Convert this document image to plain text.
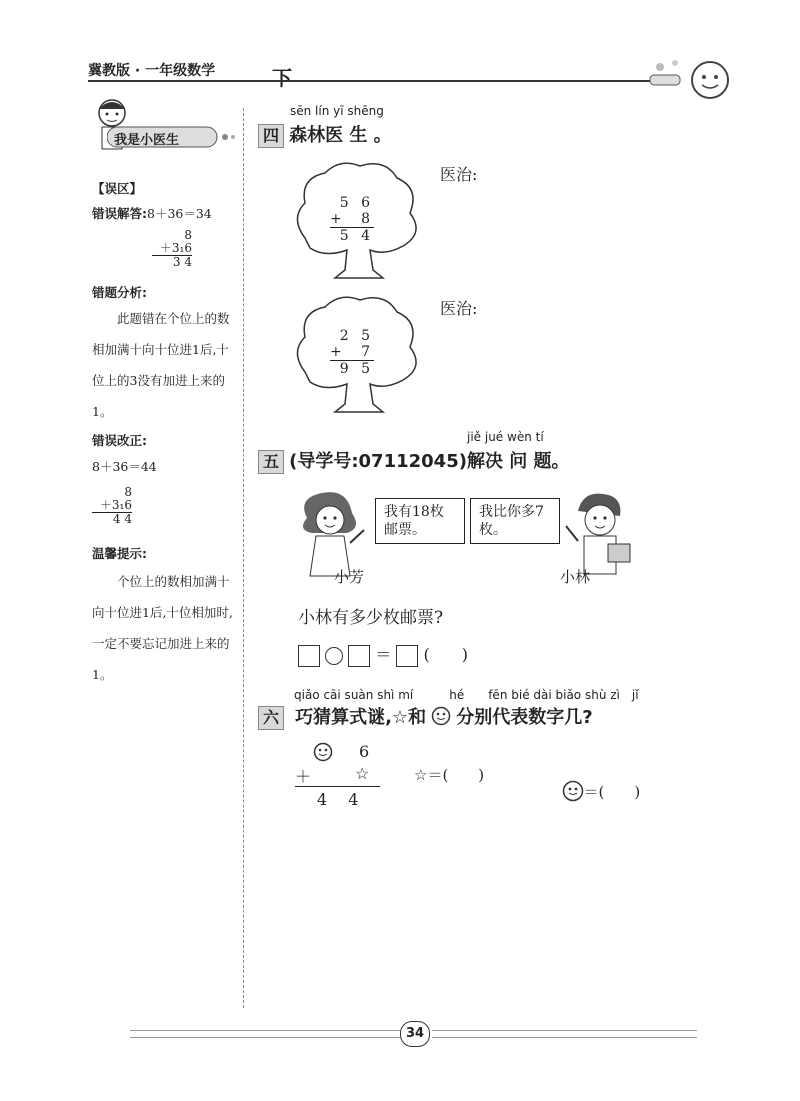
冀教版 · 一年级数学	下
我是小医生

【误区】

错误解答:8＋36＝34

8
＋3₁6
3 4

错题分析:

此题错在个位上的数相加满十向十位进1后,十位上的3没有加进上来的1。

错误改正:

8＋36＝44

8
＋3₁6
4 4

温馨提示:

个位上的数相加满十向十位进1后,十位相加时,一定不要忘记加进上来的1。

sēn lín yī shēng
四 森林医 生 。
5 6
+ 8
5 4
医治:
2 5
+ 7
9 5
医治:
jiě jué wèn tí
五 (导学号:07112045)解决 问 题。
我有18枚邮票。
我比你多7枚。
小芳	小林
小林有多少枚邮票?
＝ (　　)
qiǎo cāi suàn shì mí　　　hé　　fēn bié dài biǎo shù zì　jǐ
六 巧猜算式谜,☆和 分别代表数字几?
6
＋	☆
4　 4
☆＝(　　)

＝(　　)

34
